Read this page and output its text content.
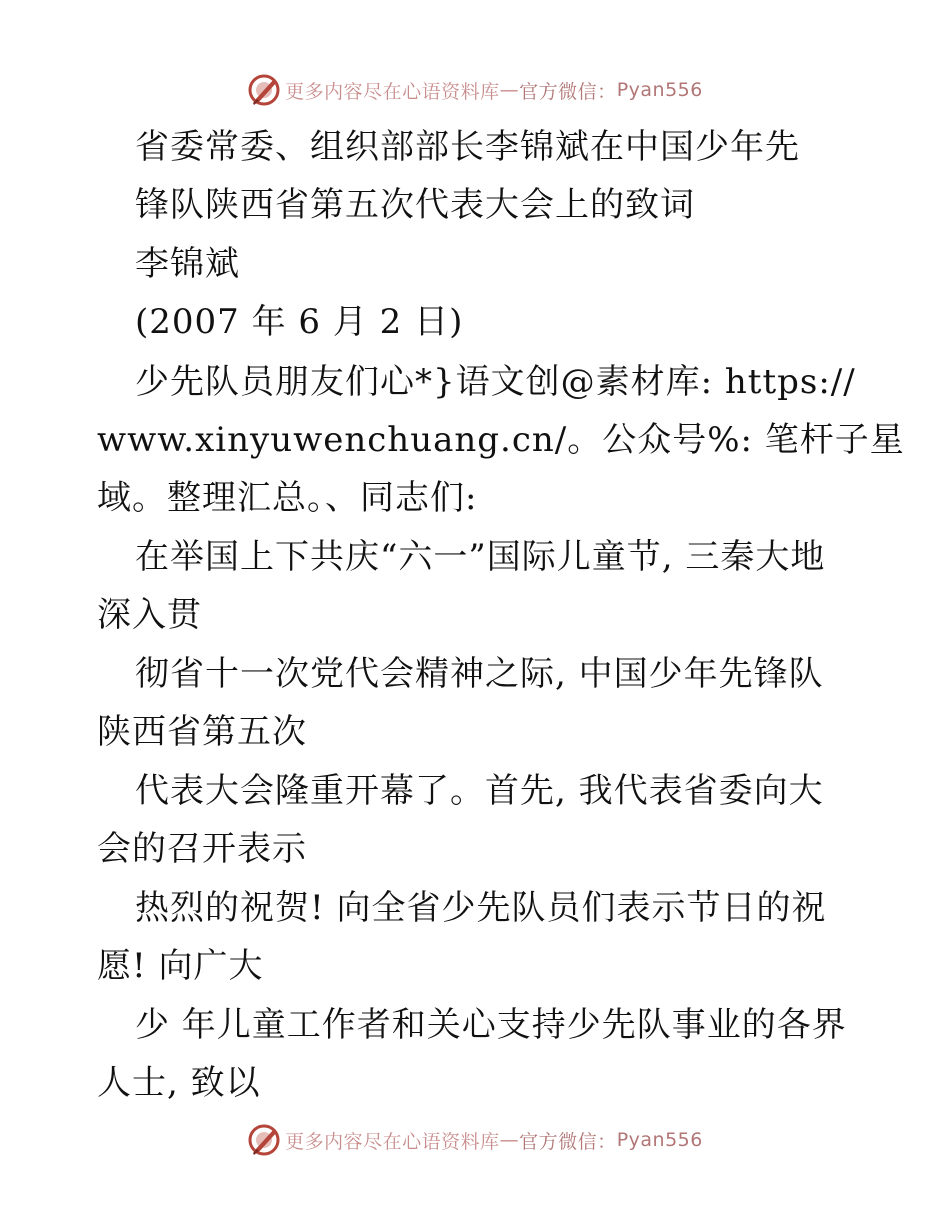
更多内容尽在心语资料库 — 官方微信： Pyan556
省委常委、组织部部长李锦斌在中国少年先
锋队陕西省第五次代表大会上的致词
李锦斌
(2007 年 6 月 2 日)
少先队员朋友们心*}语文创@素材库: https://
www.xinyuwenchuang.cn/。公众号%: 笔杆子星
域。整理汇总。、同志们:
在举国上下共庆“六一”国际儿童节, 三秦大地
深入贯
彻省十一次党代会精神之际, 中国少年先锋队
陕西省第五次
代表大会隆重开幕了。首先, 我代表省委向大
会的召开表示
热烈的祝贺! 向全省少先队员们表示节日的祝
愿! 向广大
少 年儿童工作者和关心支持少先队事业的各界
人士, 致以
更多内容尽在心语资料库 — 官方微信： Pyan556
